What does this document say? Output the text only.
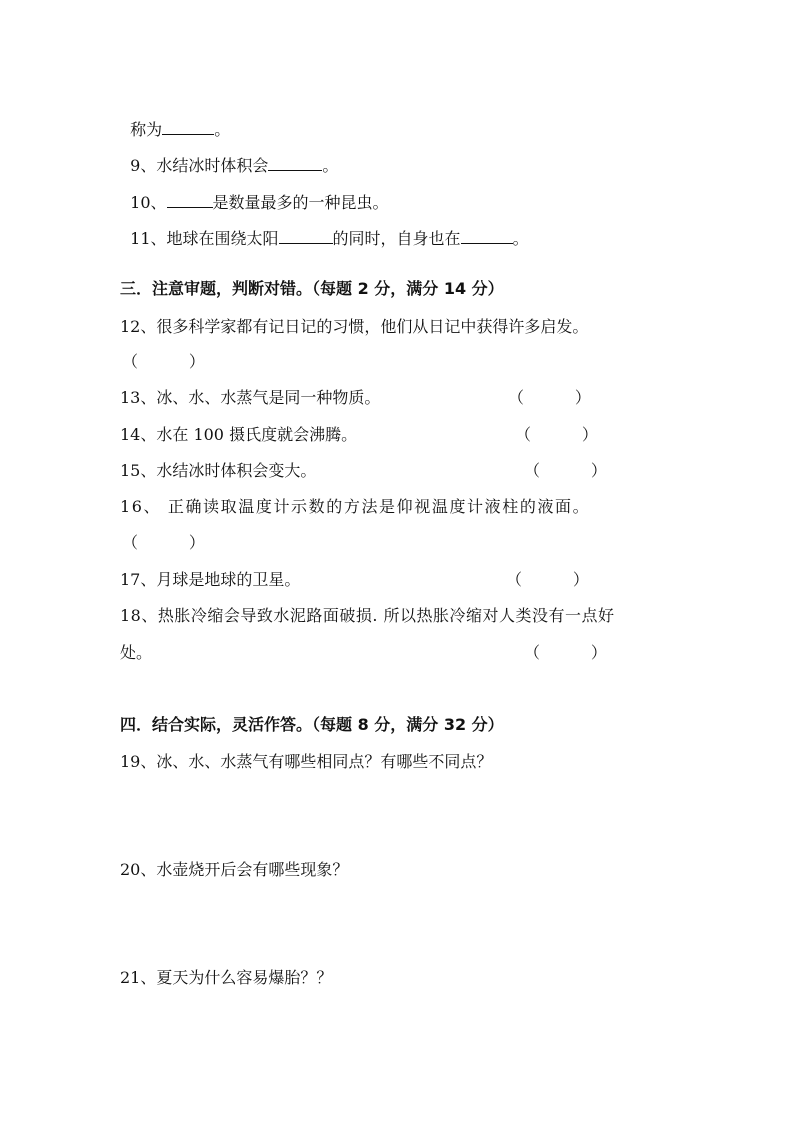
称为	。

9、水结冰时体积会	。

10、	是数量最多的一种昆虫。

11、地球在围绕太阳	的同时，自身也在	。

三．注意审题，判断对错。（每题 2 分，满分 14 分）
12、很多科学家都有记日记的习惯，他们从日记中获得许多启发。
（          ）
13、冰、水、水蒸气是同一种物质。	（          ）
14、水在 100 摄氏度就会沸腾。	（          ）
15、水结冰时体积会变大。	（          ）
16、 正确读取温度计示数的方法是仰视温度计液柱的液面。
（          ）
17、月球是地球的卫星。	（          ）
18、热胀冷缩会导致水泥路面破损. 所以热胀冷缩对人类没有一点好
处。	（          ）
四．结合实际，灵活作答。（每题 8 分，满分 32 分）
19、冰、水、水蒸气有哪些相同点？有哪些不同点？
20、水壶烧开后会有哪些现象？
21、夏天为什么容易爆胎？？
